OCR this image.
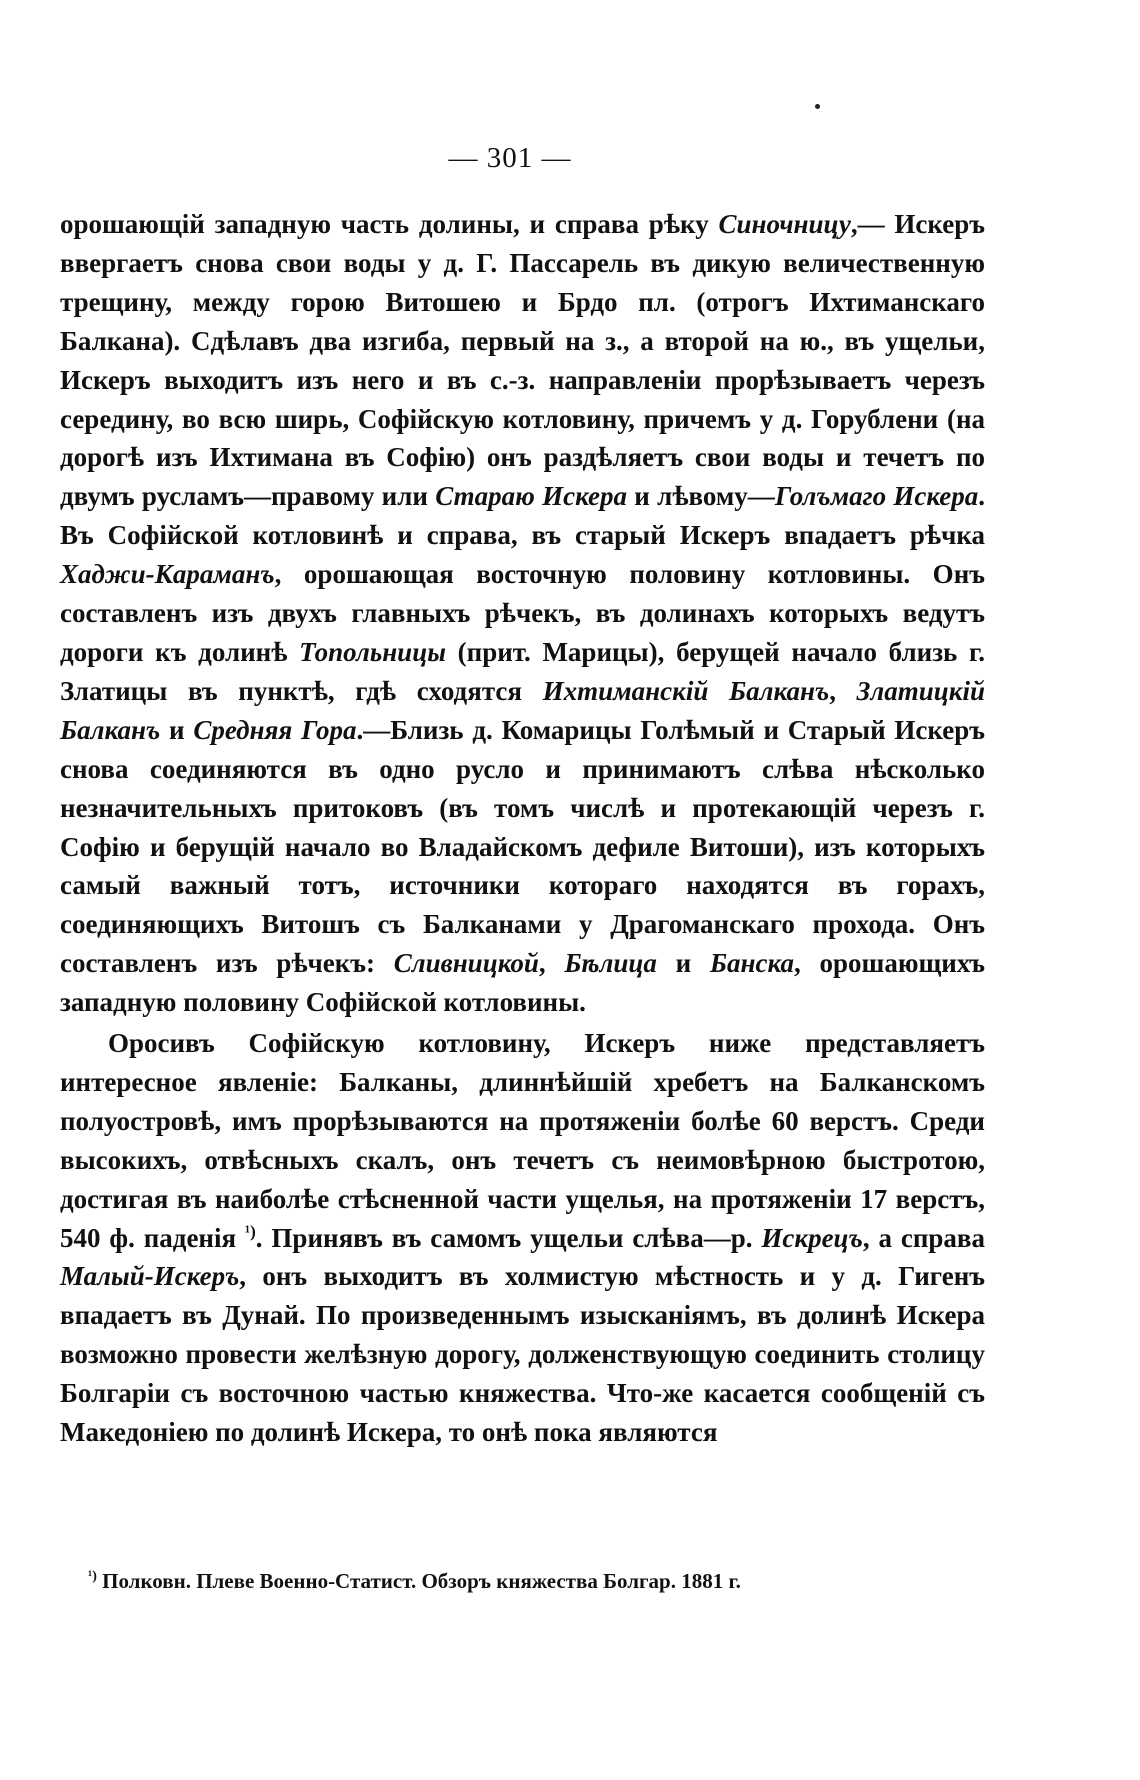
— 301 —

орошающій западную часть долины, и справа рѣку Синочницу,— Искеръ ввергаетъ снова свои воды у д. Г. Пассарель въ дикую величественную трещину, между горою Витошею и Брдо пл. (отрогъ Ихтиманскаго Балкана). Сдѣлавъ два изгиба, первый на з., а второй на ю., въ ущельи, Искеръ выходитъ изъ него и въ с.-з. направленіи прорѣзываетъ черезъ середину, во всю ширь, Софійскую котловину, причемъ у д. Горублени (на дорогѣ изъ Ихтимана въ Софію) онъ раздѣляетъ свои воды и течетъ по двумъ русламъ—правому или Стараю Искера и лѣвому—Голъмаго Искера. Въ Софійской котловинѣ и справа, въ старый Искеръ впадаетъ рѣчка Хаджи-Караманъ, орошающая восточную половину котловины. Онъ составленъ изъ двухъ главныхъ рѣчекъ, въ долинахъ которыхъ ведутъ дороги къ долинѣ Топольницы (прит. Марицы), берущей начало близь г. Златицы въ пунктѣ, гдѣ сходятся Ихтиманскій Балканъ, Златицкій Балканъ и Средняя Гора.—Близь д. Комарицы Голѣмый и Старый Искеръ снова соединяются въ одно русло и принимаютъ слѣва нѣсколько незначительныхъ притоковъ (въ томъ числѣ и протекающій черезъ г. Софію и берущій начало во Владайскомъ дефиле Витоши), изъ которыхъ самый важный тотъ, источники котораго находятся въ горахъ, соединяющихъ Витошъ съ Балканами у Драгоманскаго прохода. Онъ составленъ изъ рѣчекъ: Сливницкой, Бѣлица и Банска, орошающихъ западную половину Софійской котловины.

Оросивъ Софійскую котловину, Искеръ ниже представляетъ интересное явленіе: Балканы, длиннѣйшій хребетъ на Балканскомъ полуостровѣ, имъ прорѣзываются на протяженіи болѣе 60 верстъ. Среди высокихъ, отвѣсныхъ скалъ, онъ течетъ съ неимовѣрною быстротою, достигая въ наиболѣе стѣсненной части ущелья, на протяженіи 17 верстъ, 540 ф. паденія $^{^1)}$. Принявъ въ самомъ ущельи слѣва—р. Искрецъ, а справа Малый-Искеръ, онъ выходитъ въ холмистую мѣстность и у д. Гигенъ впадаетъ въ Дунай. По произведеннымъ изысканіямъ, въ долинѣ Искера возможно провести желѣзную дорогу, долженствующую соединить столицу Болгаріи съ восточною частью княжества. Что-же касается сообщеній съ Македоніею по долинѣ Искера, то онѣ пока являются

$^{^1)}$ Полковн. Плеве Военно-Статист. Обзоръ княжества Болгар. 1881 г.
